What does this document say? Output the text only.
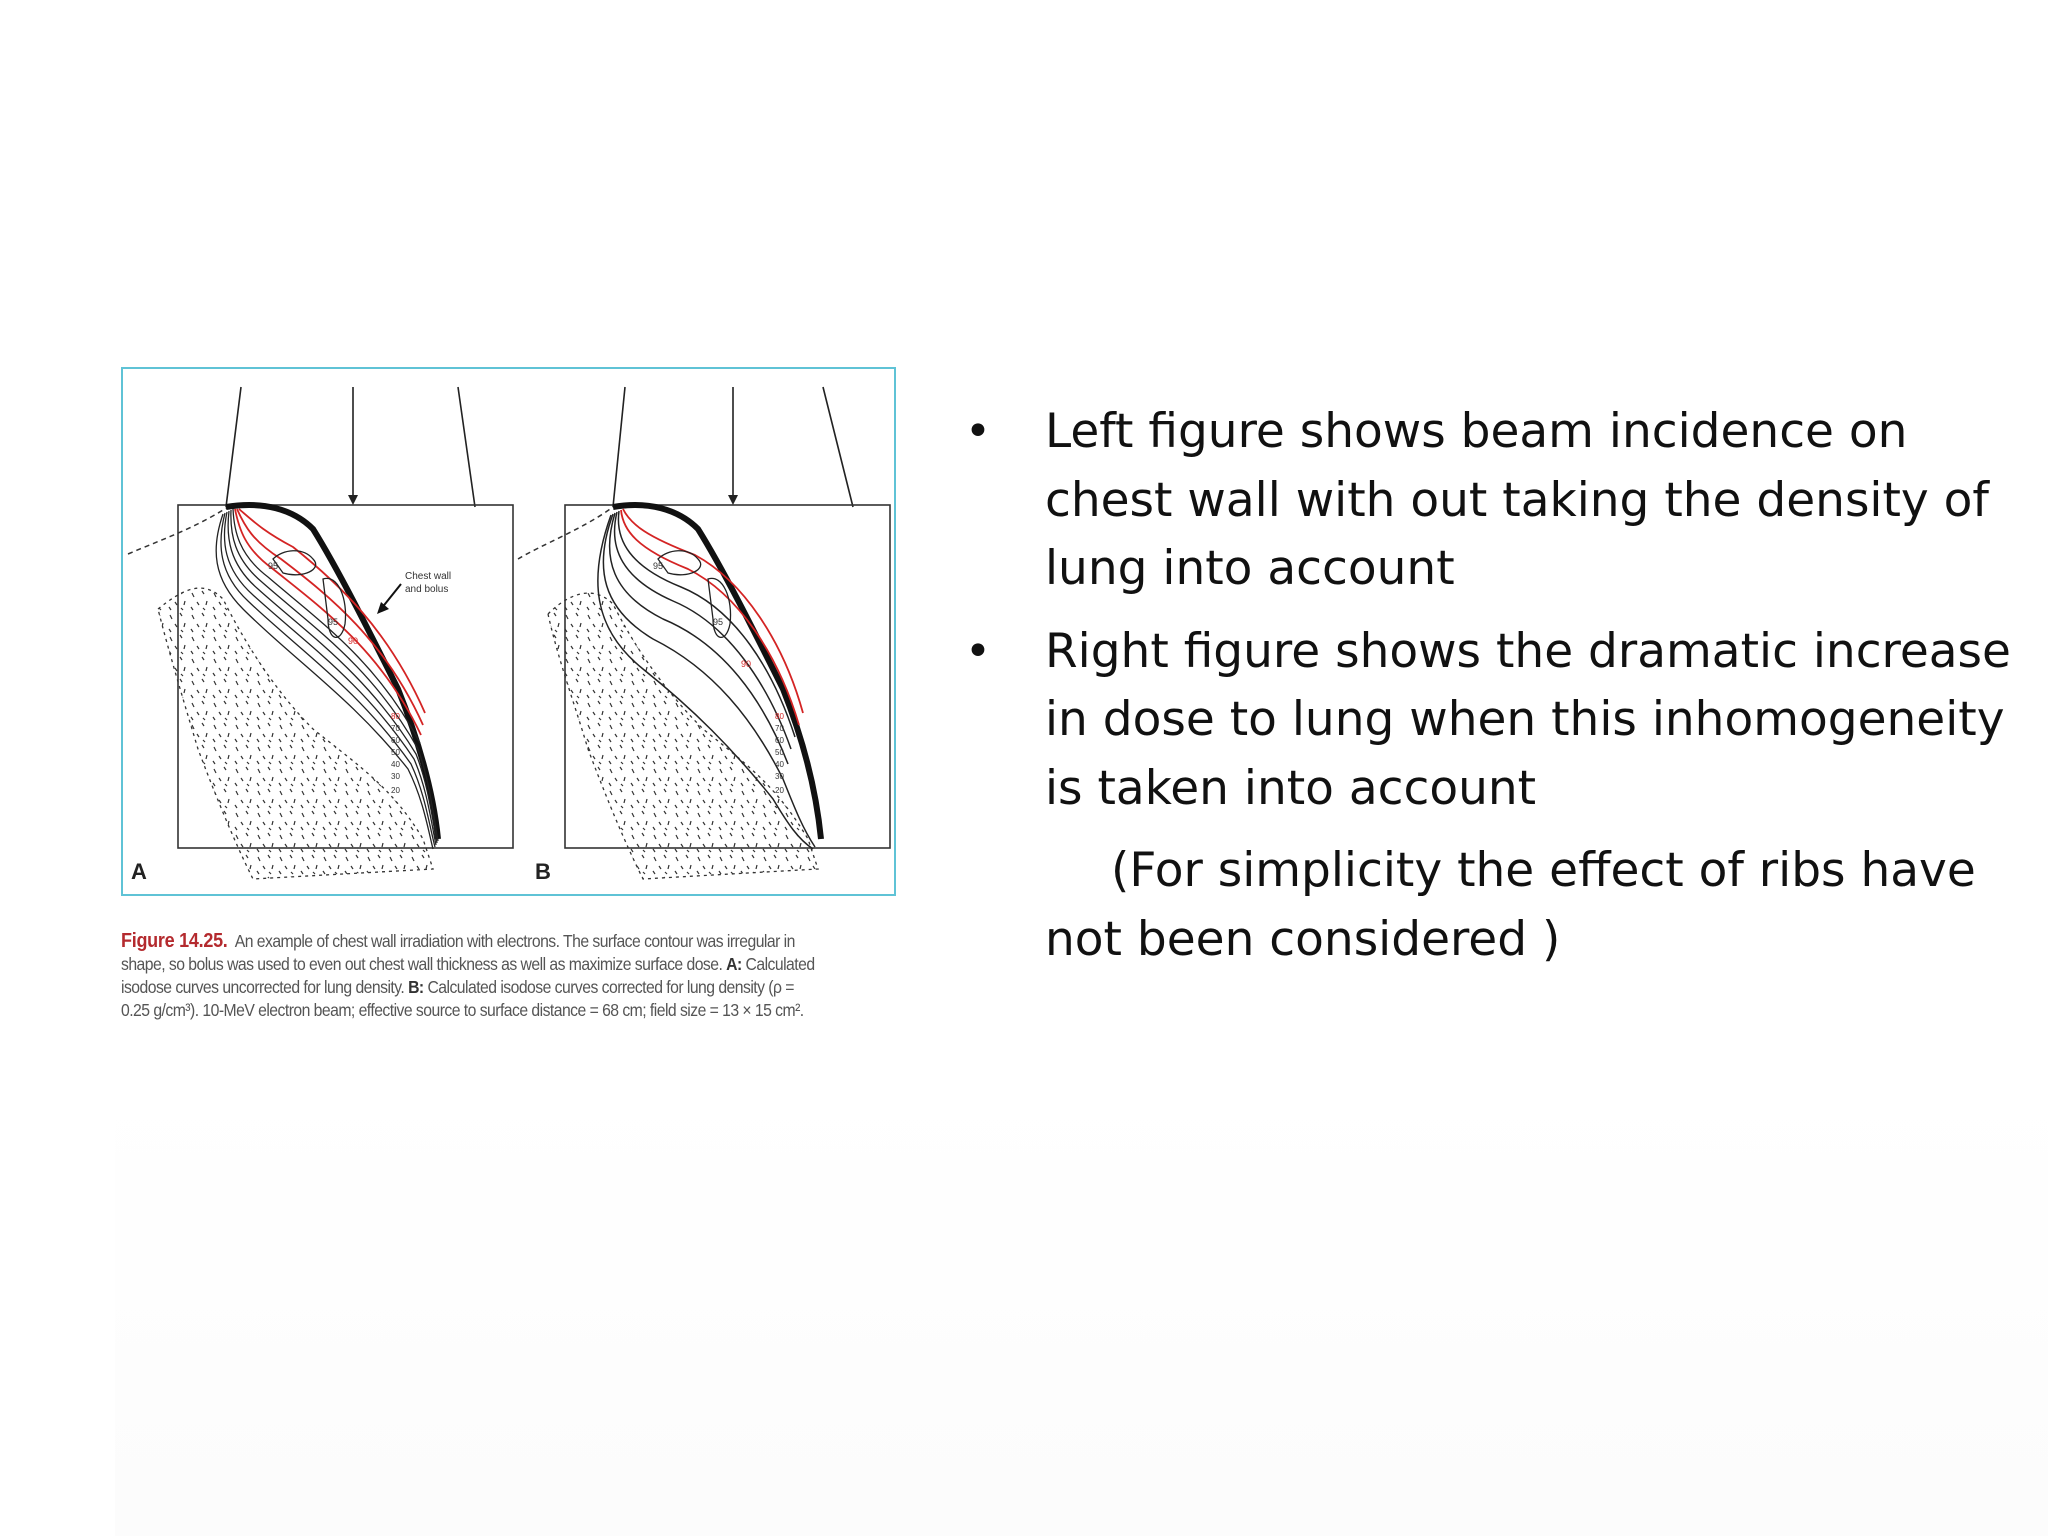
Chest wall
and bolus
95
95
90
80
70
60
50
40
30
20
A
95
95
90
80
70
60
50
40
30
20
B
Figure 14.25. An example of chest wall irradiation with electrons. The surface contour was irregular in shape, so bolus was used to even out chest wall thickness as well as maximize surface dose. A: Calculated isodose curves uncorrected for lung density. B: Calculated isodose curves corrected for lung density (ρ = 0.25 g/cm³). 10-MeV electron beam; effective source to surface distance = 68 cm; field size = 13 × 15 cm².
• Left figure shows beam incidence on chest wall with out taking the density of lung into account
• Right figure shows the dramatic increase in dose to lung when this inhomogeneity is taken into account
(For simplicity the effect of ribs have not been considered )
